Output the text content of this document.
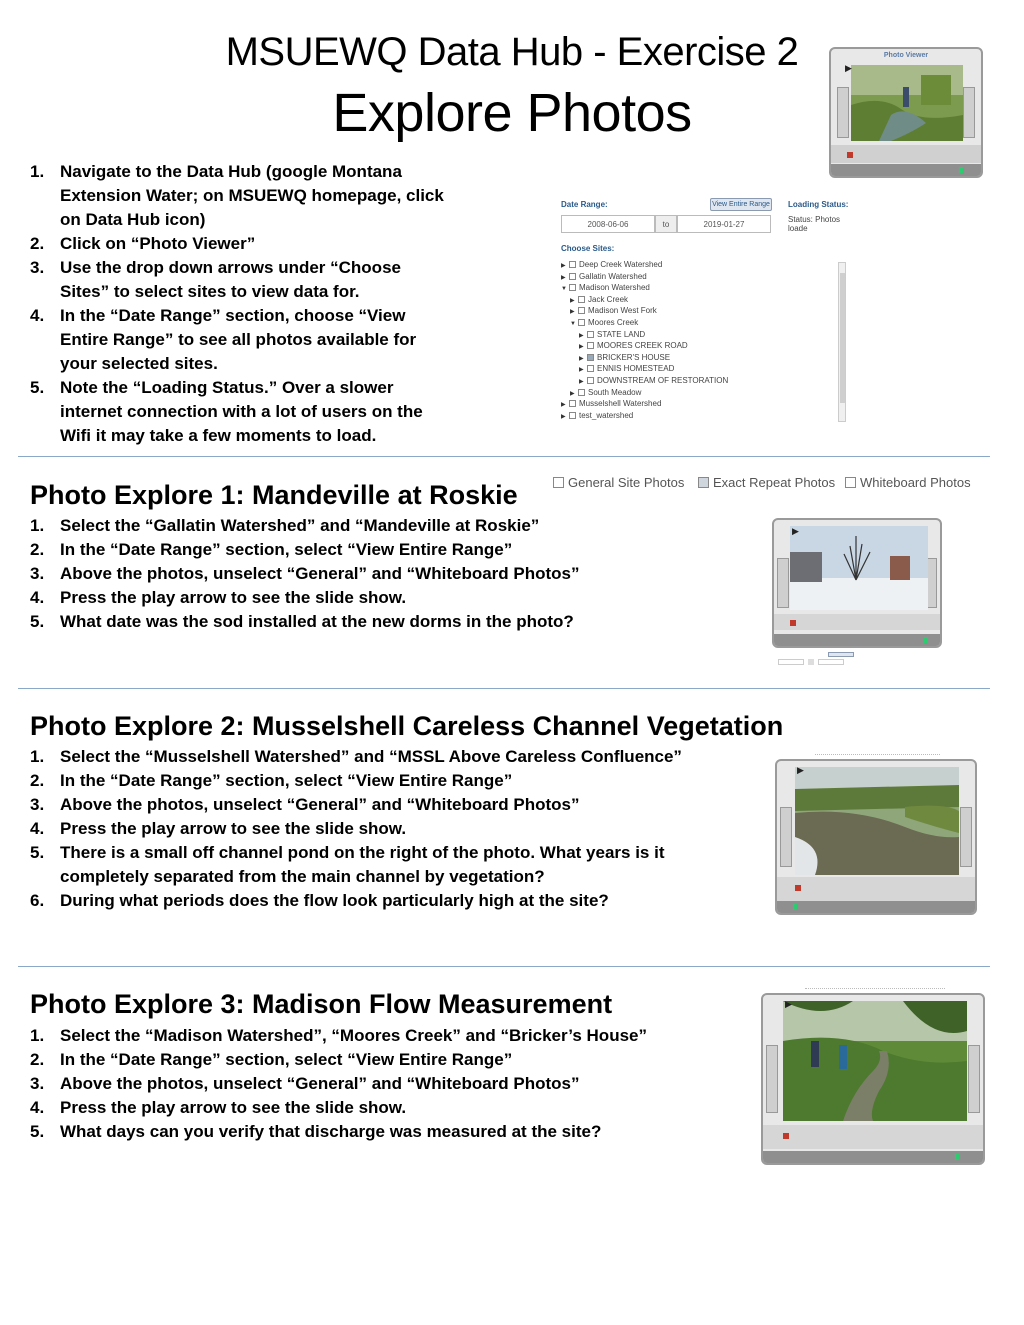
MSUEWQ Data Hub - Exercise 2
Explore Photos
Photo Viewer
▶
1. Navigate to the Data Hub (google Montana Extension Water; on MSUEWQ homepage, click on Data Hub icon)
2. Click on “Photo Viewer”
3. Use the drop down arrows under “Choose Sites” to select sites to view data for.
4. In the “Date Range” section, choose “View Entire Range” to see all photos available for your selected sites.
5. Note the “Loading Status.” Over a slower internet connection with a lot of users on the Wifi it may take a few moments to load.
Date Range:	View Entire Range Loading Status:
Status: Photos loade
2008-06-06	to	2019-01-27
Choose Sites:
▶ Deep Creek Watershed
▶ Gallatin Watershed
▼ Madison Watershed
▶ Jack Creek
▶ Madison West Fork
▼ Moores Creek
▶ STATE LAND
▶ MOORES CREEK ROAD
▶ BRICKER'S HOUSE
▶ ENNIS HOMESTEAD
▶ DOWNSTREAM OF RESTORATION
▶ South Meadow
▶ Musselshell Watershed
▶ test_watershed
Photo Explore 1: Mandeville at Roskie
1. Select the “Gallatin Watershed” and “Mandeville at Roskie”
2. In the “Date Range” section, select “View Entire Range”
3. Above the photos, unselect “General” and “Whiteboard Photos”
4. Press the play arrow to see the slide show.
5. What date was the sod installed at the new dorms in the photo?
General Site Photos	Exact Repeat Photos	Whiteboard Photos
▶
Photo Explore 2: Musselshell Careless Channel Vegetation
1. Select the “Musselshell Watershed” and “MSSL Above Careless Confluence”
2. In the “Date Range” section, select “View Entire Range”
3. Above the photos, unselect “General” and “Whiteboard Photos”
4. Press the play arrow to see the slide show.
5. There is a small off channel pond on the right of the photo. What years is it completely separated from the main channel by vegetation?
6. During what periods does the flow look particularly high at the site?
▶
Photo Explore 3: Madison Flow Measurement
1. Select the “Madison Watershed”, “Moores Creek” and “Bricker’s House”
2. In the “Date Range” section, select “View Entire Range”
3. Above the photos, unselect “General” and “Whiteboard Photos”
4. Press the play arrow to see the slide show.
5. What days can you verify that discharge was measured at the site?
▶
